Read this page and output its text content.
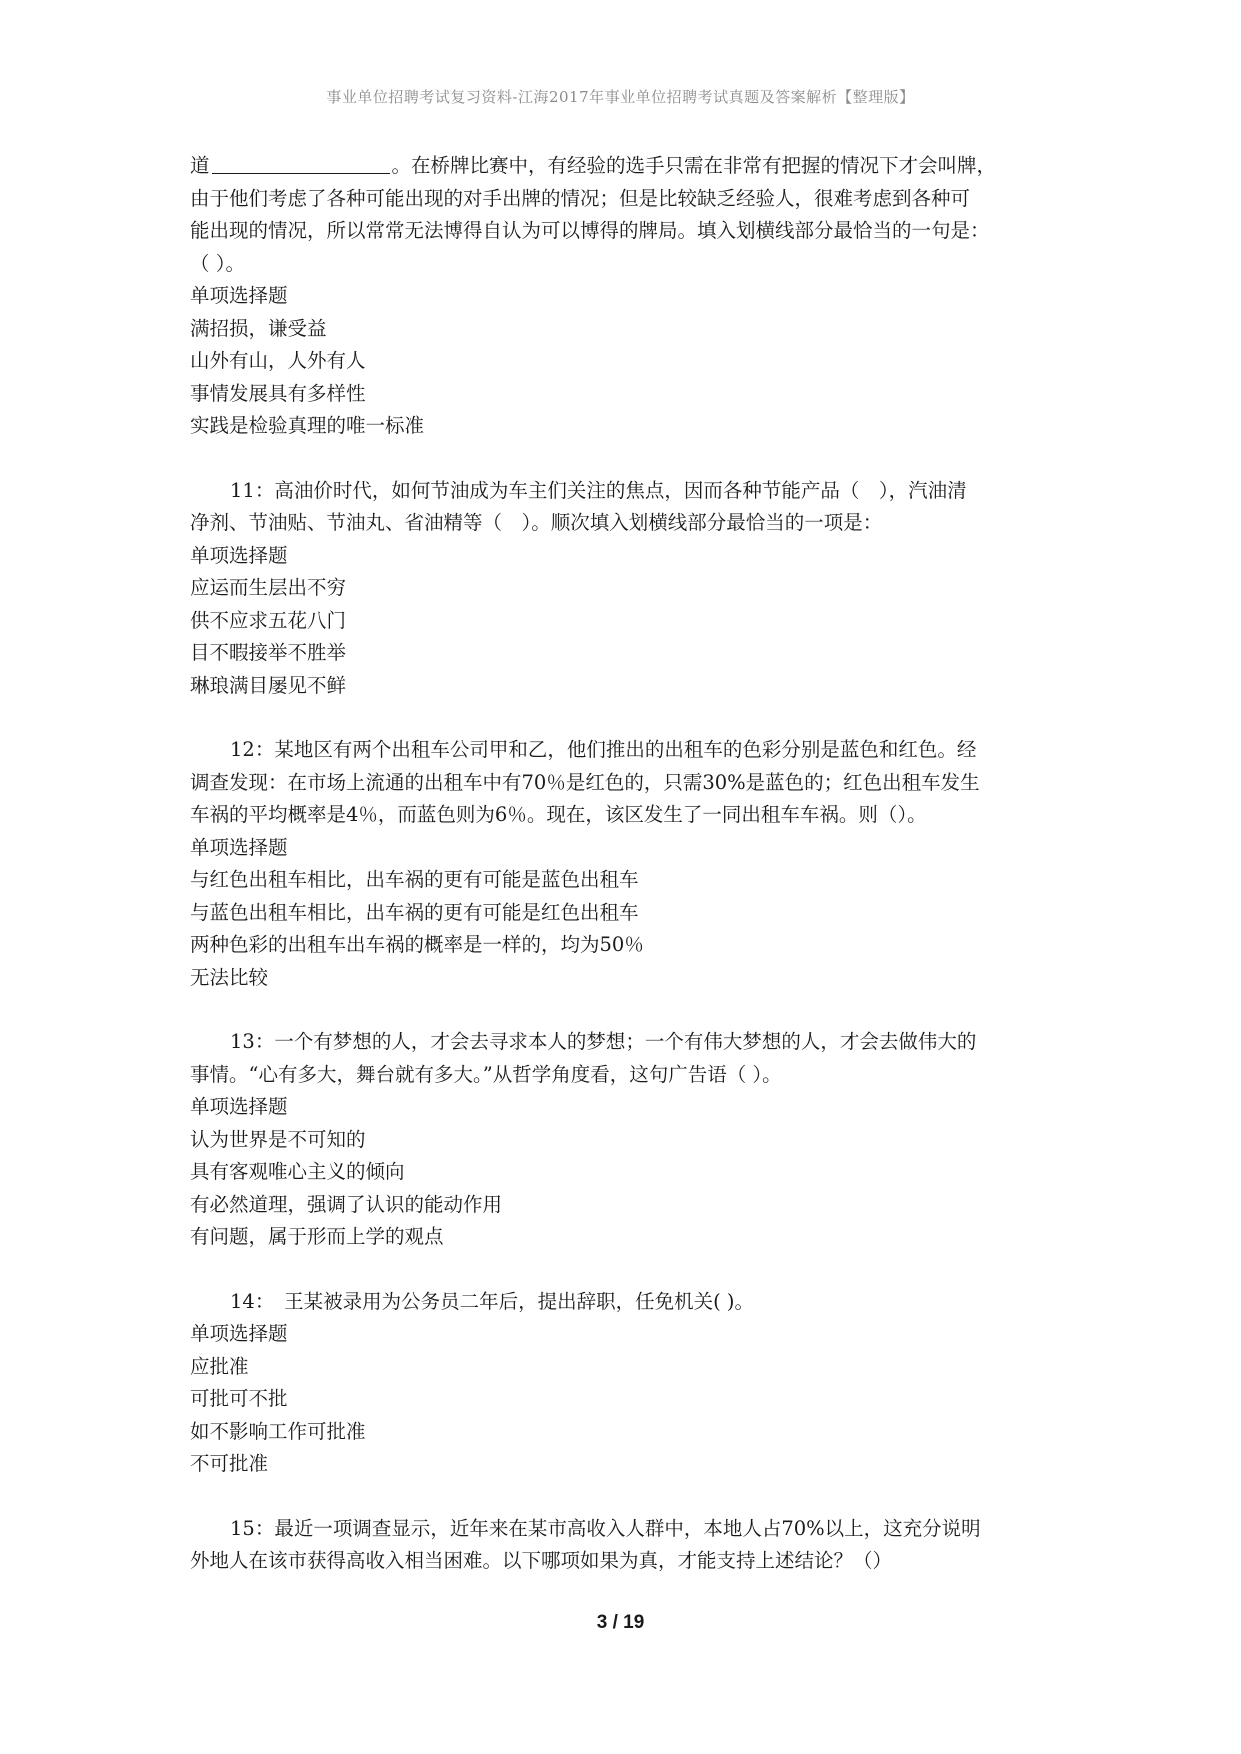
事业单位招聘考试复习资料-江海2017年事业单位招聘考试真题及答案解析【整理版】
道	。在桥牌比赛中，有经验的选手只需在非常有把握的情况下才会叫牌，
由于他们考虑了各种可能出现的对手出牌的情况；但是比较缺乏经验人，很难考虑到各种可
能出现的情况，所以常常无法博得自认为可以博得的牌局。填入划横线部分最恰当的一句是：
（ ）。
单项选择题
满招损，谦受益
山外有山，人外有人
事情发展具有多样性
实践是检验真理的唯一标准
11：高油价时代，如何节油成为车主们关注的焦点，因而各种节能产品（　），汽油清
净剂、节油贴、节油丸、省油精等（　）。顺次填入划横线部分最恰当的一项是：
单项选择题
应运而生层出不穷
供不应求五花八门
目不暇接举不胜举
琳琅满目屡见不鲜
12：某地区有两个出租车公司甲和乙，他们推出的出租车的色彩分别是蓝色和红色。经
调查发现：在市场上流通的出租车中有70％是红色的，只需30%是蓝色的；红色出租车发生
车祸的平均概率是4％，而蓝色则为6％。现在，该区发生了一同出租车车祸。则（）。
单项选择题
与红色出租车相比，出车祸的更有可能是蓝色出租车
与蓝色出租车相比，出车祸的更有可能是红色出租车
两种色彩的出租车出车祸的概率是一样的，均为50％
无法比较
13：一个有梦想的人，才会去寻求本人的梦想；一个有伟大梦想的人，才会去做伟大的
事情。“心有多大，舞台就有多大。”从哲学角度看，这句广告语（ ）。
单项选择题
认为世界是不可知的
具有客观唯心主义的倾向
有必然道理，强调了认识的能动作用
有问题，属于形而上学的观点
14：　王某被录用为公务员二年后，提出辞职，任免机关( )。
单项选择题
应批准
可批可不批
如不影响工作可批准
不可批准
15：最近一项调查显示，近年来在某市高收入人群中，本地人占70%以上，这充分说明
外地人在该市获得高收入相当困难。以下哪项如果为真，才能支持上述结论？（）
3 / 19
